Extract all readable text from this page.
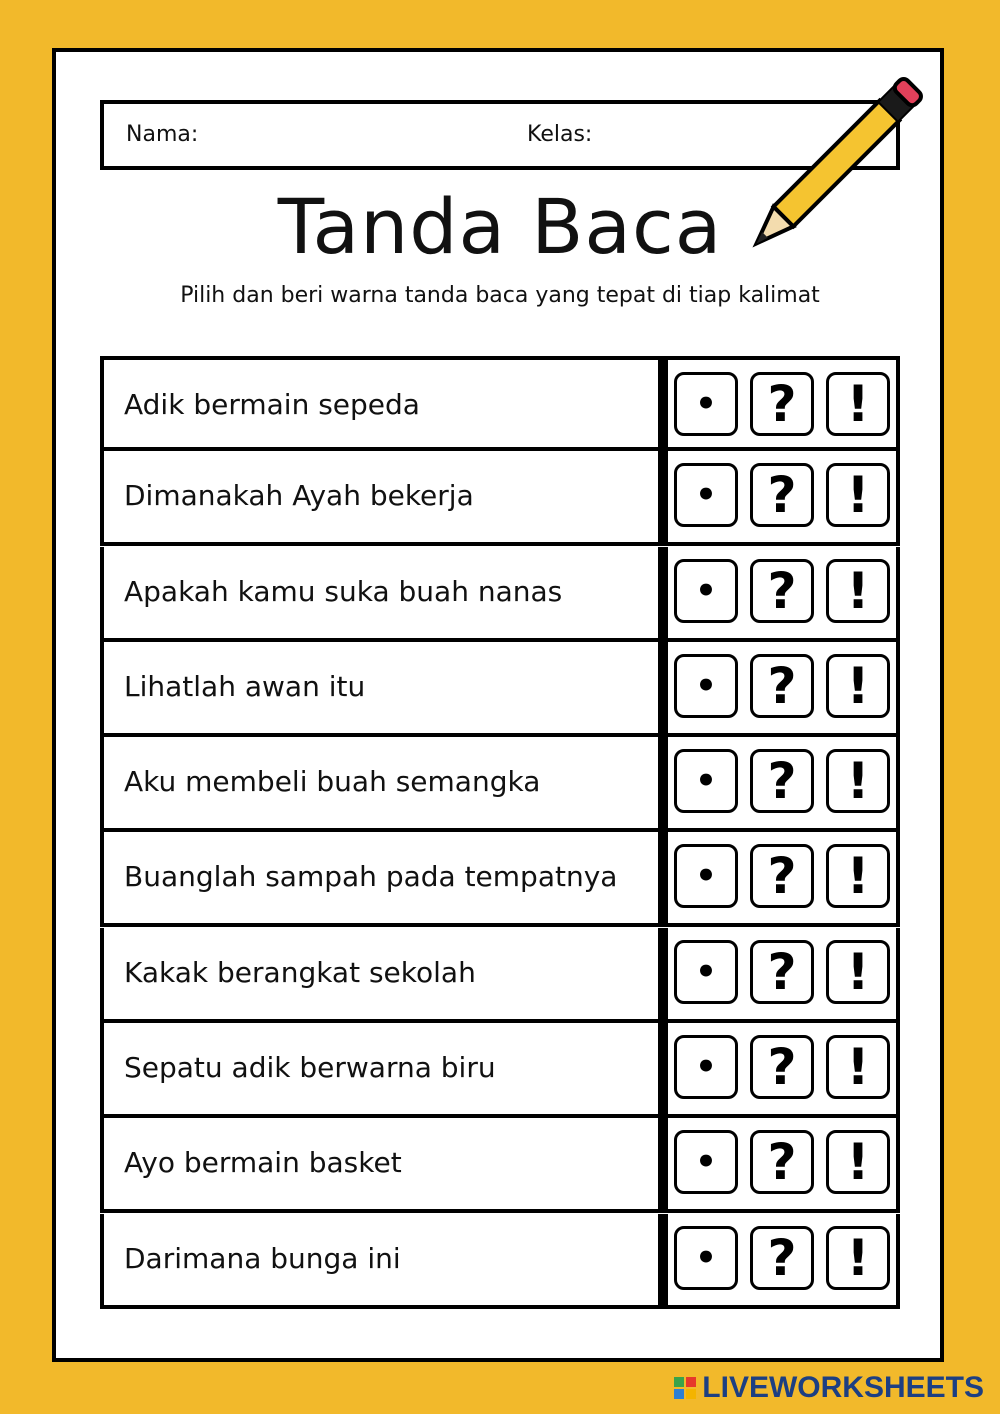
Nama:	Kelas:
Tanda Baca
Pilih dan beri warna tanda baca yang tepat di tiap kalimat
Adik bermain sepeda	•	?	!
Dimanakah Ayah bekerja	•	?	!
Apakah kamu suka buah nanas	•	?	!
Lihatlah awan itu	•	?	!
Aku membeli buah semangka	•	?	!
Buanglah sampah pada tempatnya	•	?	!
Kakak berangkat sekolah	•	?	!
Sepatu adik berwarna biru	•	?	!
Ayo bermain basket	•	?	!
Darimana bunga ini	•	?	!
LIVEWORKSHEETS
